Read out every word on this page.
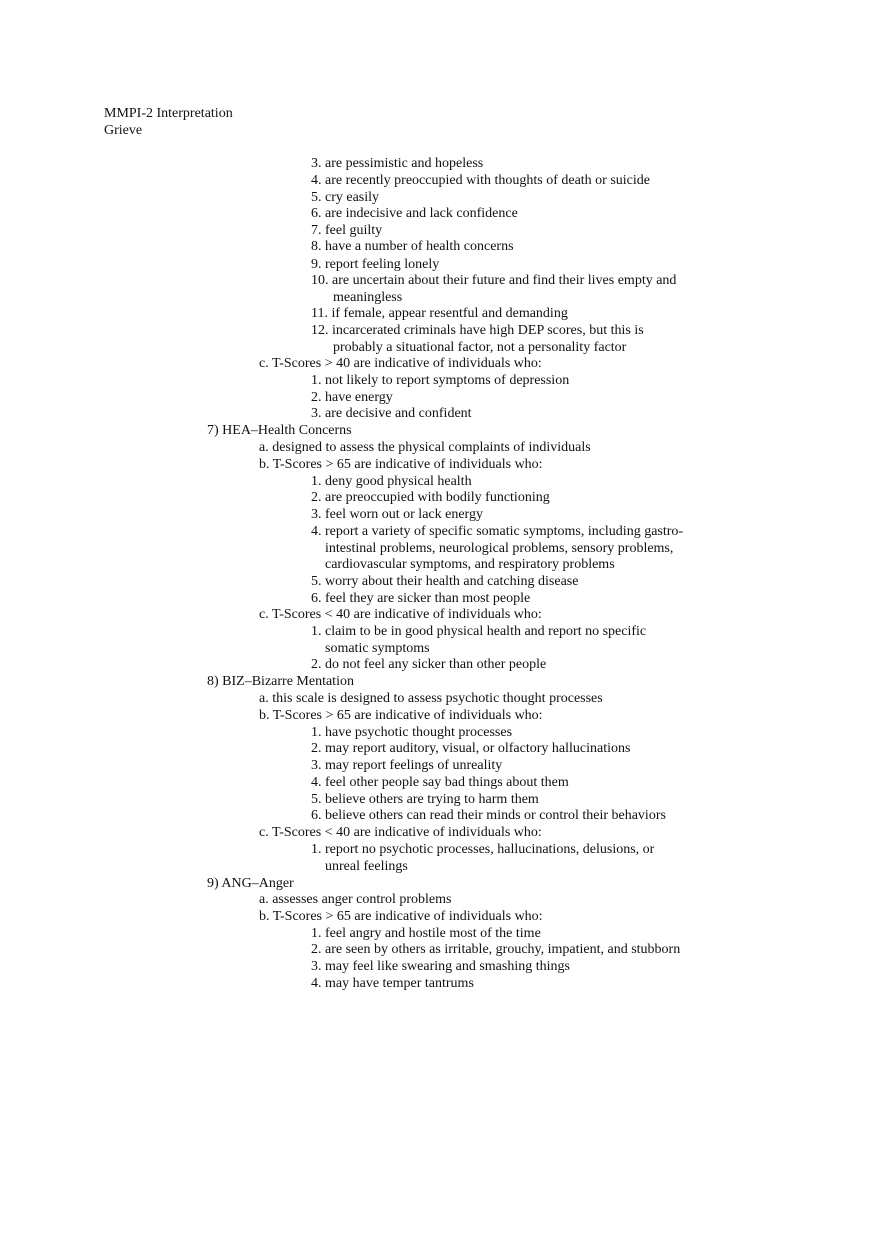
MMPI-2 Interpretation
Grieve
3. are pessimistic and hopeless
4. are recently preoccupied with thoughts of death or suicide
5. cry easily
6. are indecisive and lack confidence
7. feel guilty
8. have a number of health concerns
9. report feeling lonely
10. are uncertain about their future and find their lives empty and
meaningless
11. if female, appear resentful and demanding
12. incarcerated criminals have high DEP scores, but this is
probably a situational factor, not a personality factor
c. T-Scores > 40 are indicative of individuals who:
1. not likely to report symptoms of depression
2. have energy
3. are decisive and confident
7) HEA–Health Concerns
a. designed to assess the physical complaints of individuals
b. T-Scores > 65 are indicative of individuals who:
1. deny good physical health
2. are preoccupied with bodily functioning
3. feel worn out or lack energy
4. report a variety of specific somatic symptoms, including gastro-
intestinal problems, neurological problems, sensory problems,
cardiovascular symptoms, and respiratory problems
5. worry about their health and catching disease
6. feel they are sicker than most people
c. T-Scores < 40 are indicative of individuals who:
1. claim to be in good physical health and report no specific
somatic symptoms
2. do not feel any sicker than other people
8) BIZ–Bizarre Mentation
a. this scale is designed to assess psychotic thought processes
b. T-Scores > 65 are indicative of individuals who:
1. have psychotic thought processes
2. may report auditory, visual, or olfactory hallucinations
3. may report feelings of unreality
4. feel other people say bad things about them
5. believe others are trying to harm them
6. believe others can read their minds or control their behaviors
c. T-Scores < 40 are indicative of individuals who:
1. report no psychotic processes, hallucinations, delusions, or
unreal feelings
9) ANG–Anger
a. assesses anger control problems
b. T-Scores > 65 are indicative of individuals who:
1. feel angry and hostile most of the time
2. are seen by others as irritable, grouchy, impatient, and stubborn
3. may feel like swearing and smashing things
4. may have temper tantrums
